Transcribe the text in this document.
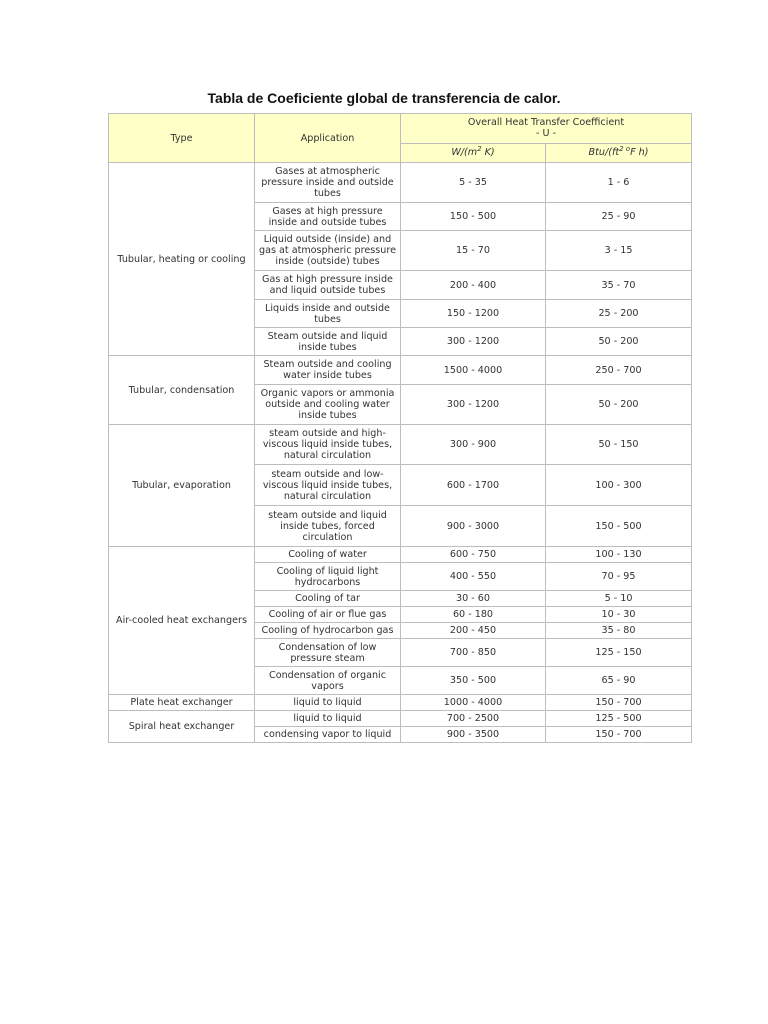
Tabla de Coeficiente global de transferencia de calor.
Type	Application	Overall Heat Transfer Coefficient
- U -	

		$W/(m^2$ K)	Btu/($ft^{2 o}F$ h)
Tubular, heating or cooling	Gases at atmospheric pressure inside and outside tubes	5 - 35	1 - 6
	Gases at high pressure inside and outside tubes	150 - 500	25 - 90
	Liquid outside (inside) and gas at atmospheric pressure inside (outside) tubes	15 - 70	3 - 15
	Gas at high pressure inside and liquid outside tubes	200 - 400	35 - 70
	Liquids inside and outside tubes	150 - 1200	25 - 200
	Steam outside and liquid inside tubes	300 - 1200	50 - 200
Tubular, condensation	Steam outside and cooling water inside tubes	1500 - 4000	250 - 700
	Organic vapors or ammonia outside and cooling water inside tubes	300 - 1200	50 - 200
Tubular, evaporation	steam outside and high-viscous liquid inside tubes, natural circulation	300 - 900	50 - 150
	steam outside and low-viscous liquid inside tubes, natural circulation	600 - 1700	100 - 300
	steam outside and liquid inside tubes, forced circulation	900 - 3000	150 - 500
Air-cooled heat exchangers	Cooling of water	600 - 750	100 - 130
	Cooling of liquid light hydrocarbons	400 - 550	70 - 95
	Cooling of tar	30 - 60	5 - 10
	Cooling of air or flue gas	60 - 180	10 - 30
	Cooling of hydrocarbon gas	200 - 450	35 - 80
	Condensation of low pressure steam	700 - 850	125 - 150
	Condensation of organic vapors	350 - 500	65 - 90
Plate heat exchanger	liquid to liquid	1000 - 4000	150 - 700
Spiral heat exchanger	liquid to liquid	700 - 2500	125 - 500
	condensing vapor to liquid	900 - 3500	150 - 700
